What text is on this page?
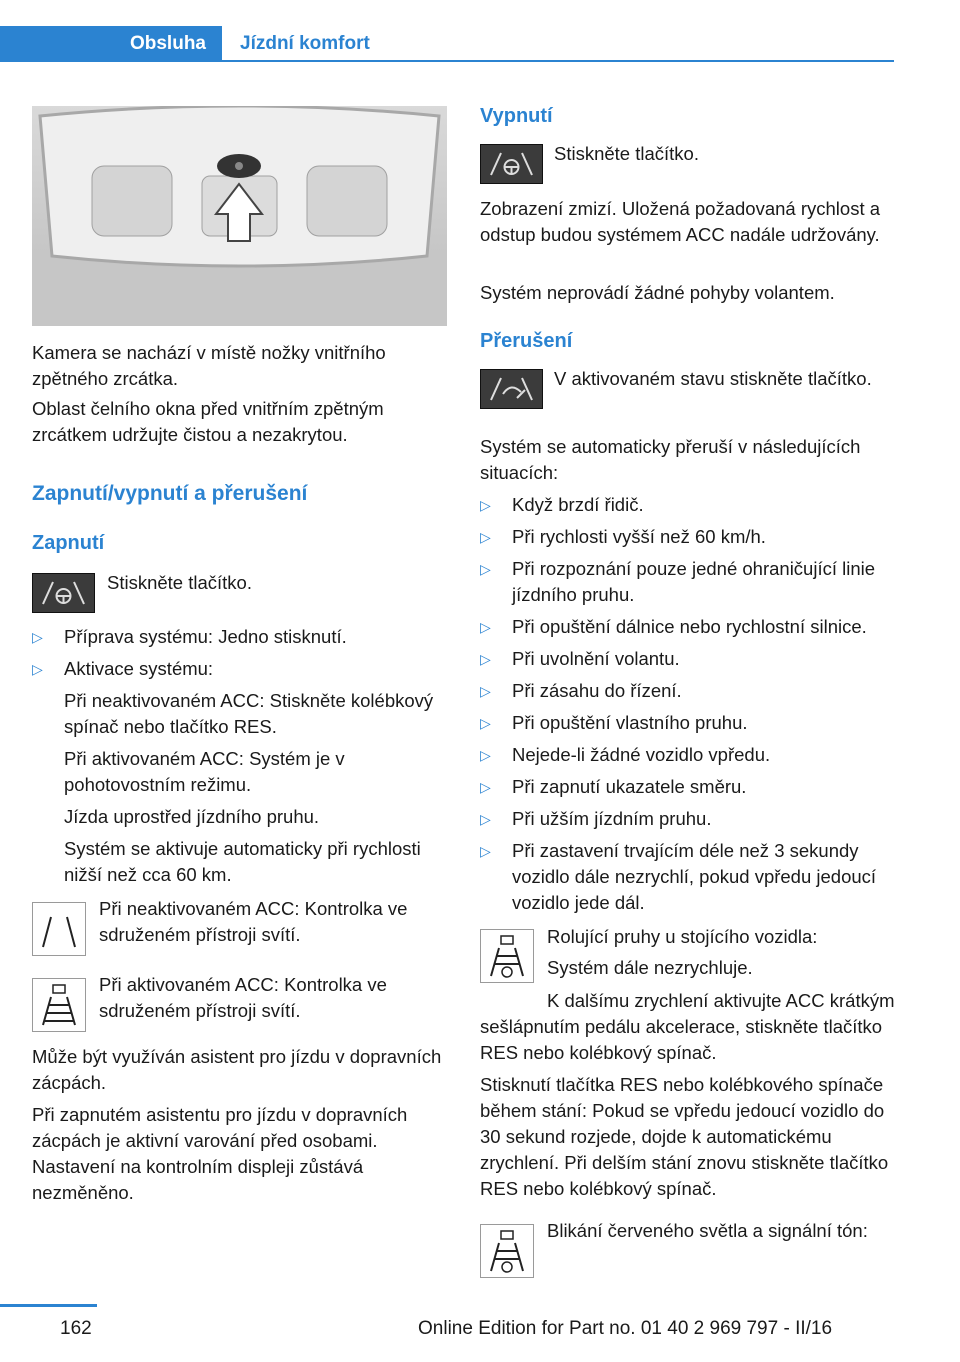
Obsluha Jízdní komfort

Kamera se nachází v místě nožky vnitřního zpětného zrcátka.

Oblast čelního okna před vnitřním zpětným zrcátkem udržujte čistou a nezakrytou.

Zapnutí/vypnutí a přerušení
Zapnutí
Stiskněte tlačítko.
▷ Příprava systému: Jedno stisknutí.
▷ Aktivace systému:
Při neaktivovaném ACC: Stiskněte kolébkový spínač nebo tlačítko RES.
Při aktivovaném ACC: Systém je v pohotovostním režimu.
Jízda uprostřed jízdního pruhu.
Systém se aktivuje automaticky při rychlosti nižší než cca 60 km.

Při neaktivovaném ACC: Kontrolka ve sdruženém přístroji svítí.

Při aktivovaném ACC: Kontrolka ve sdruženém přístroji svítí.

Může být využíván asistent pro jízdu v dopravních zácpách.

Při zapnutém asistentu pro jízdu v dopravních zácpách je aktivní varování před osobami. Nastavení na kontrolním displeji zůstává nezměněno.

Vypnutí
Stiskněte tlačítko.

Zobrazení zmizí. Uložená požadovaná rychlost a odstup budou systémem ACC nadále udržovány.

Systém neprovádí žádné pohyby volantem.

Přerušení

V aktivovaném stavu stiskněte tlačítko.

Systém se automaticky přeruší v následujících situacích:

▷ Když brzdí řidič.
▷ Při rychlosti vyšší než 60 km/h.
▷ Při rozpoznání pouze jedné ohraničující linie jízdního pruhu.
▷ Při opuštění dálnice nebo rychlostní silnice.
▷ Při uvolnění volantu.
▷ Při zásahu do řízení.
▷ Při opuštění vlastního pruhu.
▷ Nejede-li žádné vozidlo vpředu.
▷ Při zapnutí ukazatele směru.
▷ Při užším jízdním pruhu.
▷ Při zastavení trvajícím déle než 3 sekundy vozidlo dále nezrychlí, pokud vpředu jedoucí vozidlo jede dál.
Rolující pruhy u stojícího vozidla:
Systém dále nezrychluje.

K dalšímu zrychlení aktivujte ACC krátkým sešlápnutím pedálu akcelerace, stiskněte tlačítko RES nebo kolébkový spínač.

Stisknutí tlačítka RES nebo kolébkového spínače během stání: Pokud se vpředu jedoucí vozidlo do 30 sekund rozjede, dojde k automatickému zrychlení. Při delším stání znovu stiskněte tlačítko RES nebo kolébkový spínač.

Blikání červeného světla a signální tón:
162	Online Edition for Part no. 01 40 2 969 797 - II/16
